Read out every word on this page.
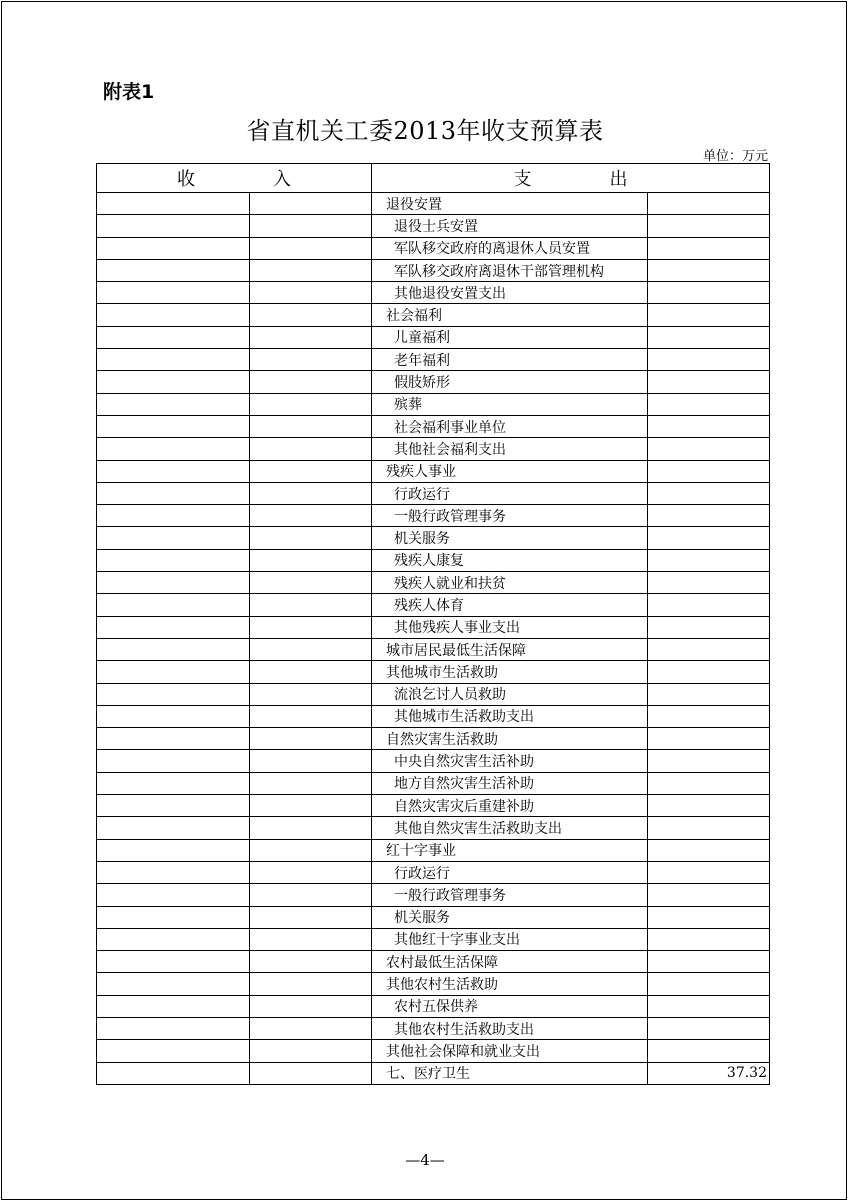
附表1
省直机关工委2013年收支预算表
单位：万元
收　入		支　出	
		退役安置	
		退役士兵安置	
		军队移交政府的离退休人员安置	
		军队移交政府离退休干部管理机构	
		其他退役安置支出	
		社会福利	
		儿童福利	
		老年福利	
		假肢矫形	
		殡葬	
		社会福利事业单位	
		其他社会福利支出	
		残疾人事业	
		行政运行	
		一般行政管理事务	
		机关服务	
		残疾人康复	
		残疾人就业和扶贫	
		残疾人体育	
		其他残疾人事业支出	
		城市居民最低生活保障	
		其他城市生活救助	
		流浪乞讨人员救助	
		其他城市生活救助支出	
		自然灾害生活救助	
		中央自然灾害生活补助	
		地方自然灾害生活补助	
		自然灾害灾后重建补助	
		其他自然灾害生活救助支出	
		红十字事业	
		行政运行	
		一般行政管理事务	
		机关服务	
		其他红十字事业支出	
		农村最低生活保障	
		其他农村生活救助	
		农村五保供养	
		其他农村生活救助支出	
		其他社会保障和就业支出	
		七、医疗卫生	37.32
—4—
